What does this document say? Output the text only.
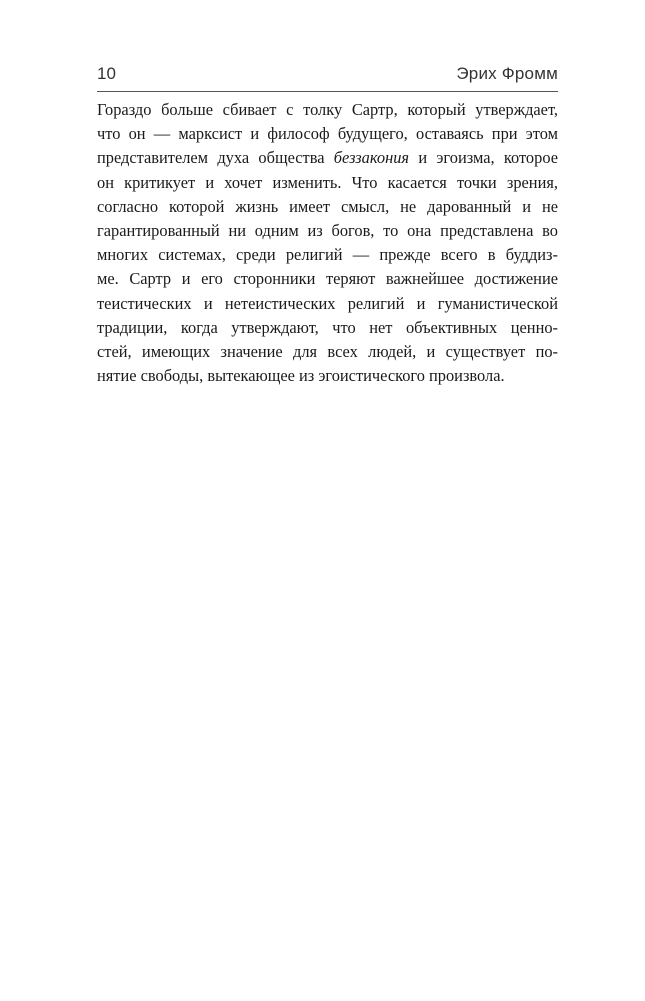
10	Эрих Фромм
Гораздо больше сбивает с толку Сартр, который утверждает,
что он — марксист и философ будущего, оставаясь при этом
представителем духа общества беззакония и эгоизма, которое
он критикует и хочет изменить. Что касается точки зрения,
согласно которой жизнь имеет смысл, не дарованный и не
гарантированный ни одним из богов, то она представлена во
многих системах, среди религий — прежде всего в буддиз-
ме. Сартр и его сторонники теряют важнейшее достижение
теистических и нетеистических религий и гуманистической
традиции, когда утверждают, что нет объективных ценно-
стей, имеющих значение для всех людей, и существует по-
нятие свободы, вытекающее из эгоистического произвола.
